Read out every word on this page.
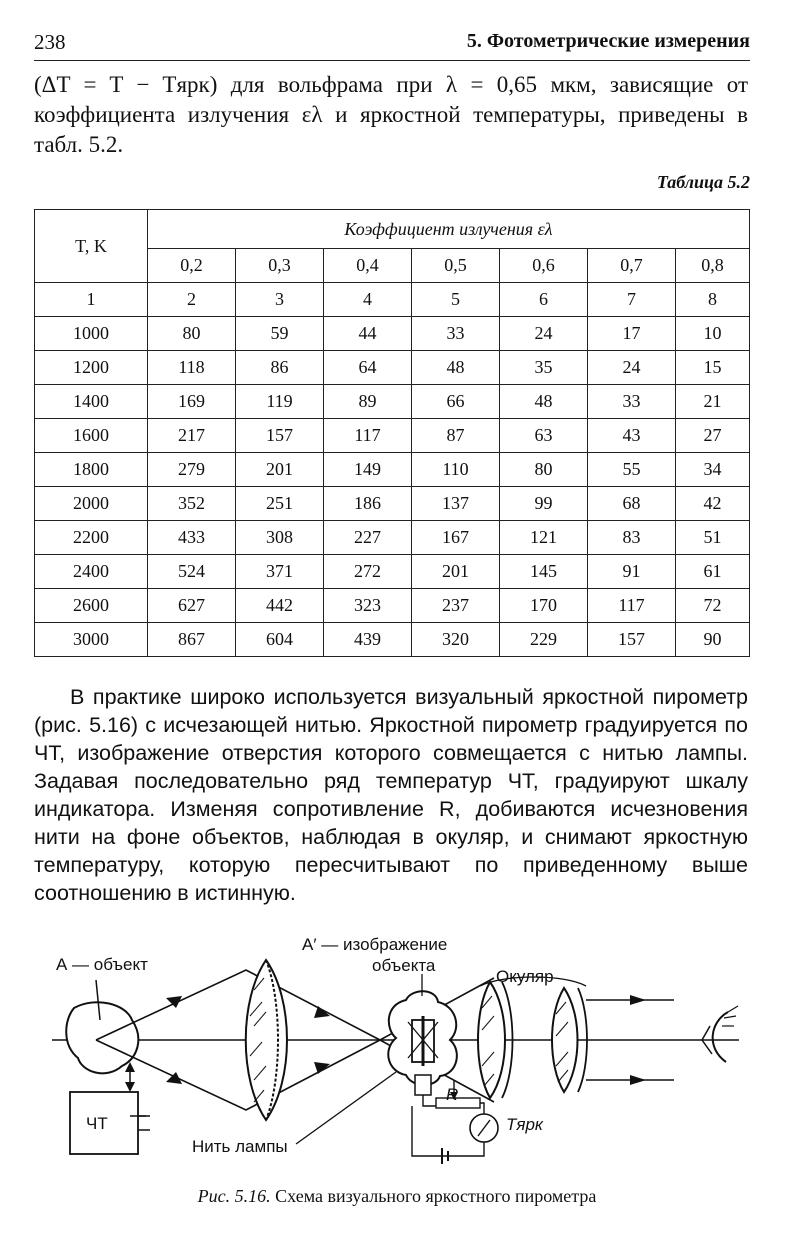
238	5. Фотометрические измерения

(ΔT = T − Tярк) для вольфрама при λ = 0,65 мкм, зависящие от коэффициента излучения ελ и яркостной температуры, приведены в табл. 5.2.

Таблица 5.2
T, K	Коэффициент излучения ελ						
	0,2	0,3	0,4	0,5	0,6	0,7	0,8
1	2	3	4	5	6	7	8
1000	80	59	44	33	24	17	10
1200	118	86	64	48	35	24	15
1400	169	119	89	66	48	33	21
1600	217	157	117	87	63	43	27
1800	279	201	149	110	80	55	34
2000	352	251	186	137	99	68	42
2200	433	308	227	167	121	83	51
2400	524	371	272	201	145	91	61
2600	627	442	323	237	170	117	72
3000	867	604	439	320	229	157	90

В практике широко используется визуальный яркостной пирометр (рис. 5.16) с исчезающей нитью. Яркостной пирометр градуируется по ЧТ, изображение отверстия которого совмещается с нитью лампы. Задавая последовательно ряд температур ЧТ, градуируют шкалу индикатора. Изменяя сопротивление R, добиваются исчезновения нити на фоне объектов, наблюдая в окуляр, и снимают яркостную температуру, которую пересчитывают по приведенному выше соотношению в истинную.

А — объект
A′ — изображение
объекта
Окуляр
ЧТ
Нить лампы
R
Tярк
Рис. 5.16. Схема визуального яркостного пирометра
